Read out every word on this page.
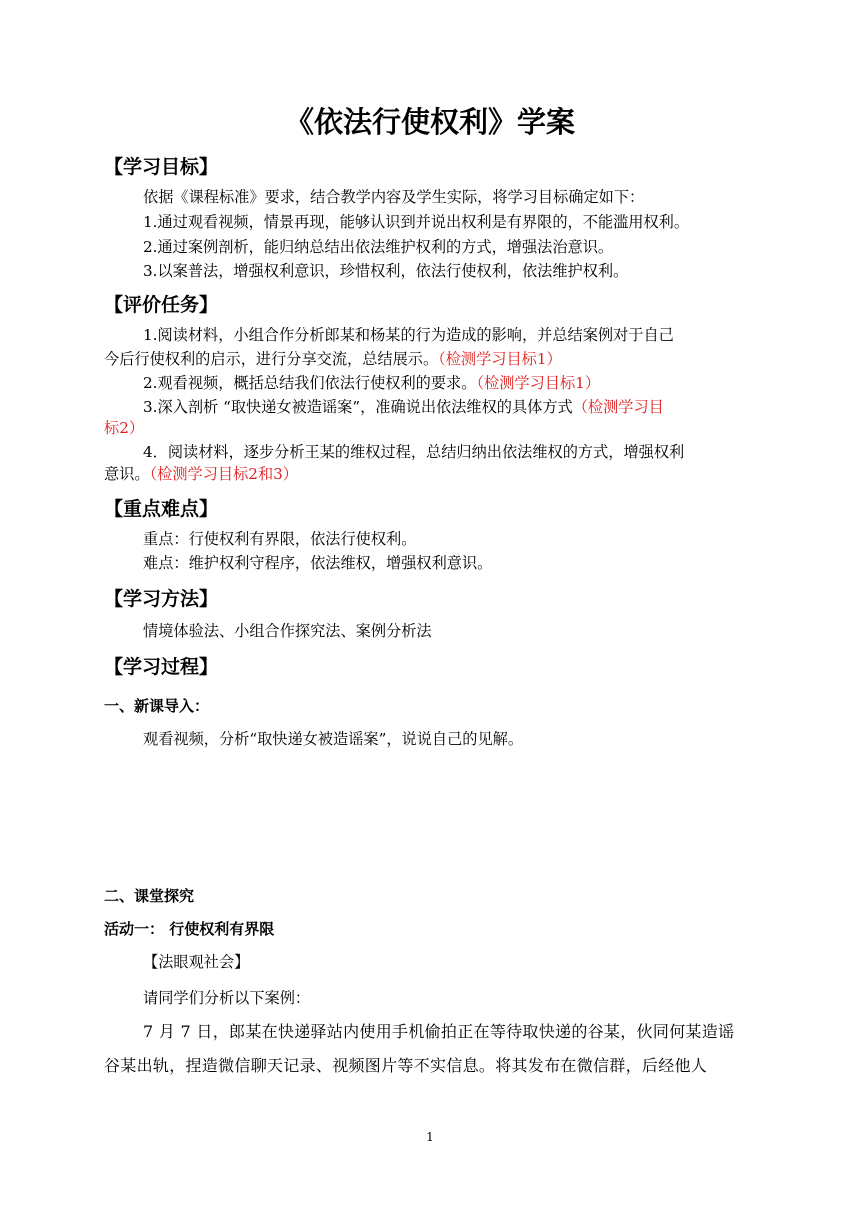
《依法行使权利》学案
【学习目标】
依据《课程标准》要求，结合教学内容及学生实际，将学习目标确定如下：
1.通过观看视频，情景再现，能够认识到并说出权利是有界限的，不能滥用权利。
2.通过案例剖析，能归纳总结出依法维护权利的方式，增强法治意识。
3.以案普法，增强权利意识，珍惜权利，依法行使权利，依法维护权利。
【评价任务】
1.阅读材料，小组合作分析郎某和杨某的行为造成的影响，并总结案例对于自己
今后行使权利的启示，进行分享交流，总结展示。（检测学习目标1）
2.观看视频，概括总结我们依法行使权利的要求。（检测学习目标1）
3.深入剖析 “取快递女被造谣案”，准确说出依法维权的具体方式（检测学习目
标2）
4．阅读材料，逐步分析王某的维权过程，总结归纳出依法维权的方式，增强权利
意识。（检测学习目标2和3）
【重点难点】
重点：行使权利有界限，依法行使权利。
难点：维护权利守程序，依法维权，增强权利意识。
【学习方法】
情境体验法、小组合作探究法、案例分析法
【学习过程】
一、新课导入：
观看视频，分析“取快递女被造谣案”，说说自己的见解。
二、课堂探究
活动一： 行使权利有界限
【法眼观社会】
请同学们分析以下案例：
7 月 7 日，郎某在快递驿站内使用手机偷拍正在等待取快递的谷某，伙同何某造谣
谷某出轨，捏造微信聊天记录、视频图片等不实信息。将其发布在微信群，后经他人
1
